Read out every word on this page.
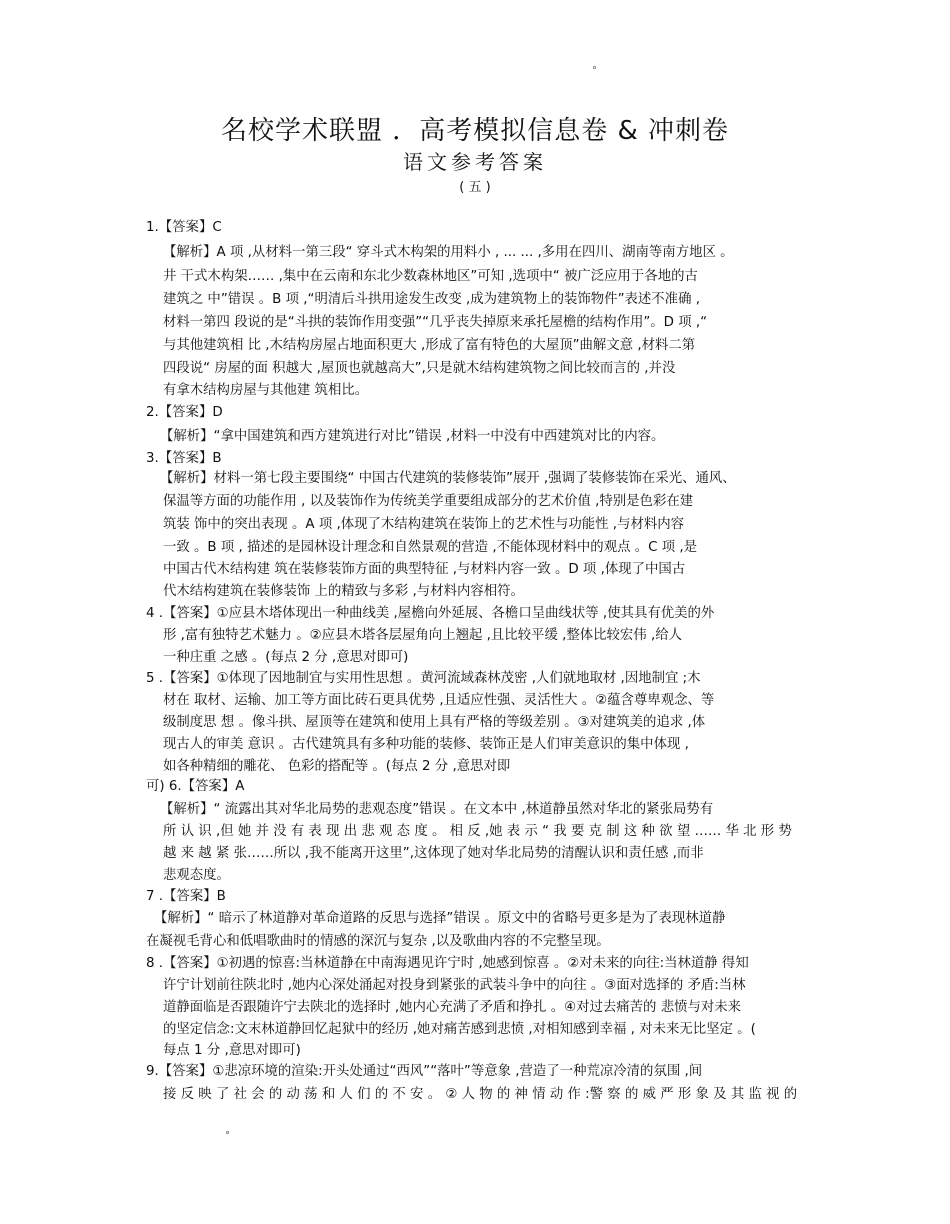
名校学术联盟 ．高考模拟信息卷 & 冲刺卷
语文参考答案
( 五 )
1.【答案】C
【解析】A 项 ,从材料一第三段“ 穿斗式木构架的用料小 , ... ... ,多用在四川、湖南等南方地区 。
井 干式木构架…… ,集中在云南和东北少数森林地区”可知 ,选项中“ 被广泛应用于各地的古
建筑之 中”错误 。B 项 ,“明清后斗拱用途发生改变 ,成为建筑物上的装饰物件”表述不准确 ,
材料一第四 段说的是“斗拱的装饰作用变强”“几乎丧失掉原来承托屋檐的结构作用”。D 项 ,“
与其他建筑相 比 ,木结构房屋占地面积更大 ,形成了富有特色的大屋顶”曲解文意 ,材料二第
四段说“ 房屋的面 积越大 ,屋顶也就越高大”,只是就木结构建筑物之间比较而言的 ,并没
有拿木结构房屋与其他建 筑相比。
2.【答案】D
【解析】“拿中国建筑和西方建筑进行对比”错误 ,材料一中没有中西建筑对比的内容。
3.【答案】B
【解析】材料一第七段主要围绕“ 中国古代建筑的装修装饰”展开 ,强调了装修装饰在采光、通风、
保温等方面的功能作用 , 以及装饰作为传统美学重要组成部分的艺术价值 ,特别是色彩在建
筑装 饰中的突出表现 。A 项 ,体现了木结构建筑在装饰上的艺术性与功能性 ,与材料内容
一致 。B 项 , 描述的是园林设计理念和自然景观的营造 ,不能体现材料中的观点 。C 项 ,是
中国古代木结构建 筑在装修装饰方面的典型特征 ,与材料内容一致 。D 项 ,体现了中国古
代木结构建筑在装修装饰 上的精致与多彩 ,与材料内容相符。
4 .【答案】①应县木塔体现出一种曲线美 ,屋檐向外延展、各檐口呈曲线状等 ,使其具有优美的外
形 ,富有独特艺术魅力 。②应县木塔各层屋角向上翘起 ,且比较平缓 ,整体比较宏伟 ,给人
一种庄重 之感 。(每点 2 分 ,意思对即可)
5 .【答案】①体现了因地制宜与实用性思想 。黄河流域森林茂密 ,人们就地取材 ,因地制宜 ;木
材在 取材、运输、加工等方面比砖石更具优势 ,且适应性强、灵活性大 。②蕴含尊卑观念、等
级制度思 想 。像斗拱、屋顶等在建筑和使用上具有严格的等级差别 。③对建筑美的追求 ,体
现古人的审美 意识 。古代建筑具有多种功能的装修、装饰正是人们审美意识的集中体现 ,
如各种精细的雕花、 色彩的搭配等 。(每点 2 分 ,意思对即
可) 6.【答案】A
【解析】“ 流露出其对华北局势的悲观态度”错误 。在文本中 ,林道静虽然对华北的紧张局势有
所 认 识 ,但 她 并 没 有 表 现 出 悲 观 态 度 。 相 反 ,她 表 示 “ 我 要 克 制 这 种 欲 望 …… 华 北 形 势
越 来 越 紧 张……所以 ,我不能离开这里”,这体现了她对华北局势的清醒认识和责任感 ,而非
悲观态度。
7 .【答案】B
【解析】“ 暗示了林道静对革命道路的反思与选择”错误 。原文中的省略号更多是为了表现林道静
在凝视毛背心和低唱歌曲时的情感的深沉与复杂 ,以及歌曲内容的不完整呈现。
8 .【答案】①初遇的惊喜:当林道静在中南海遇见许宁时 ,她感到惊喜 。②对未来的向往:当林道静 得知
许宁计划前往陕北时 ,她内心深处涌起对投身到紧张的武装斗争中的向往 。③面对选择的 矛盾:当林
道静面临是否跟随许宁去陕北的选择时 ,她内心充满了矛盾和挣扎 。④对过去痛苦的 悲愤与对未来
的坚定信念:文末林道静回忆起狱中的经历 ,她对痛苦感到悲愤 ,对相知感到幸福 , 对未来无比坚定 。(
每点 1 分 ,意思对即可)
9.【答案】①悲凉环境的渲染:开头处通过“西风”“落叶”等意象 ,营造了一种荒凉冷清的氛围 ,间
接 反 映 了 社 会 的 动 荡 和 人 们 的 不 安 。 ② 人 物 的 神 情 动 作 :警 察 的 威 严 形 象 及 其 监 视 的
